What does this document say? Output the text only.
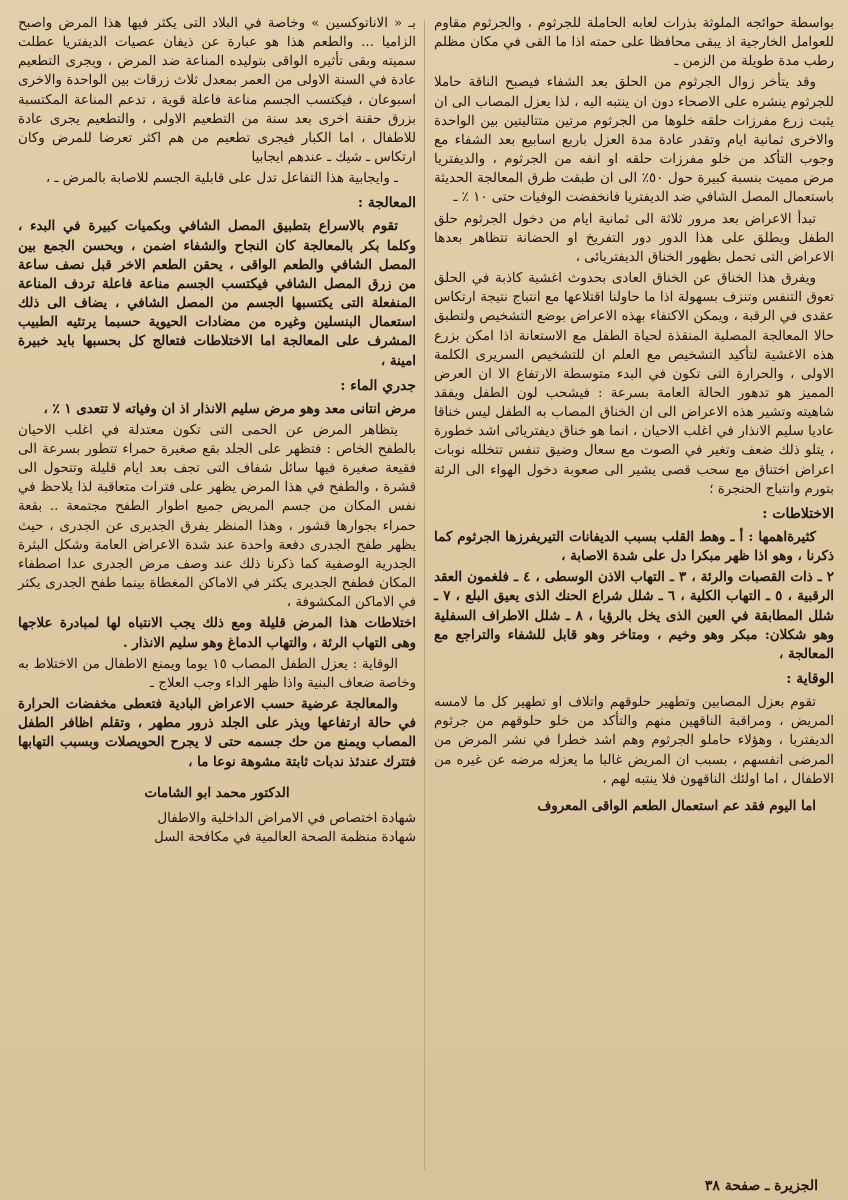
بواسطة حوائجه الملوثة بذرات لعابه الحاملة للجرثوم ، والجرثوم مقاوم للعوامل الخارجية اذ يبقى محافظا على حمته اذا ما القى في مكان مظلم رطب مدة طويلة من الزمن ـ

وقد يتأخر زوال الجرثوم من الحلق بعد الشفاء فيصبح الناقة حاملا للجرثوم ينشره على الاصحاء دون ان ينتبه اليه ، لذا يعزل المصاب الى ان يثبت زرع مفرزات حلقه خلوها من الجرثوم مرتين متتاليتين بين الواحدة والاخرى ثمانية ايام وتقدر عادة مدة العزل باربع اسابيع بعد الشفاء مع وجوب التأكد من خلو مفرزات حلقه او انفه من الجرثوم ، والديفتريا مرض مميت بنسبة كبيرة حول ٥٠٪ الى ان طبقت طرق المعالجة الحديثة باستعمال المصل الشافي ضد الديفتريا فانخفضت الوفيات حتى ١٠ ٪ ـ

تبدأ الاعراض بعد مرور ثلاثة الى ثمانية ايام من دخول الجرثوم حلق الطفل ويطلق على هذا الدور دور التفريخ او الحضانة تتظاهر بعدها الاعراض التى تحمل بظهور الخناق الديفتريائى ،

ويفرق هذا الخناق عن الخناق العادى بحدوث اغشية كاذبة في الحلق تعوق التنفس وتنزف بسهولة اذا ما حاولنا اقتلاعها مع انتباج نتيجة ارتكاس عقدى في الرقبة ، ويمكن الاكتفاء بهذه الاعراض بوضع التشخيص ولتطبق حالا المعالجة المصلية المنقذة لحياة الطفل مع الاستعانة اذا امكن بزرع هذه الاغشية لتأكيد التشخيص مع العلم ان للتشخيص السريرى الكلمة الاولى ، والحرارة التى تكون في البدء متوسطة الارتفاع الا ان العرض المميز هو تدهور الحالة العامة بسرعة : فيشحب لون الطفل ويفقد شاهيته وتشير هذه الاعراض الى ان الخناق المصاب به الطفل ليس خناقا عاديا سليم الانذار في اغلب الاحيان ، انما هو خناق ديفتريائى اشد خطورة ، يتلو ذلك ضعف وتغير في الصوت مع سعال وضيق تنفس تتخلله نوبات اعراض اختناق مع سحب قصى يشير الى صعوبة دخول الهواء الى الرئة بتورم وانتباج الحنجرة ؛

الاختلاطات :

كثيرةاهمها : أ ـ وهط القلب بسبب الديفانات التيريفرزها الجرثوم كما ذكرنا ، وهو اذا ظهر مبكرا دل على شدة الاصابة ،

٢ ـ ذات القصبات والرئة ، ٣ ـ التهاب الاذن الوسطى ، ٤ ـ فلغمون العقد الرقبية ، ٥ ـ التهاب الكلية ، ٦ ـ شلل شراع الحنك الذى يعيق البلع ، ٧ ـ شلل المطابقة في العين الذى يخل بالرؤيا ، ٨ ـ شلل الاطراف السفلية وهو شكلان: مبكر وهو وخيم ، ومتاخر وهو قابل للشفاء والتراجع مع المعالجة ،

الوقاية :

تقوم بعزل المصابين وتطهير حلوقهم واتلاف او تطهير كل ما لامسه المريض ، ومراقبة الناقهين منهم والتأكد من خلو حلوقهم من جرثوم الديفتريا ، وهؤلاء حاملو الجرثوم وهم اشد خطرا في نشر المرض من المرضى انفسهم ، بسبب ان المريض غالبا ما يعزله مرضه عن غيره من الاطفال ، اما اولئك الناقهون فلا ينتبه لهم ،

اما اليوم فقد عم استعمال الطعم الواقى المعروف

بـ « الاناتوكسين » وخاصة في البلاد التى يكثر فيها هذا المرض واصبح الزاميا ... والطعم هذا هو عبارة عن ذيفان عصيات الديفتريا عطلت سميته وبقى تأثيره الواقى بتوليده المناعة ضد المرض ، ويجرى التطعيم عادة في السنة الاولى من العمر بمعدل ثلاث زرقات بين الواحدة والاخرى اسبوعان ، فيكتسب الجسم مناعة فاعلة قوية ، تدعم المناعة المكتسبة بزرق حقنة اخرى بعد سنة من التطعيم الاولى ، والتطعيم يجرى عادة للاطفال ، اما الكبار فيجرى تطعيم من هم اكثر تعرضا للمرض وكان ارتكاس ـ شيك ـ عندهم ايجابيا

ـ وايجابية هذا التفاعل تدل على قابلية الجسم للاصابة بالمرض ـ ،

المعالجة :

تقوم بالاسراع بتطبيق المصل الشافي وبكميات كبيرة في البدء ، وكلما بكر بالمعالجة كان النجاح والشفاء اضمن ، ويحسن الجمع بين المصل الشافي والطعم الواقى ، يحقن الطعم الاخر قبل نصف ساعة من زرق المصل الشافي فيكتسب الجسم مناعة فاعلة تردف المناعة المنفعلة التى يكتسبها الجسم من المصل الشافي ، يضاف الى ذلك استعمال البنسلين وغيره من مضادات الحيوية حسبما يرتئيه الطبيب المشرف على المعالجة اما الاختلاطات فتعالج كل بحسبها بايد خبيرة امينة ،

جدري الماء :

مرض انتانى معد وهو مرض سليم الانذار اذ ان وفياته لا تتعدى ١ ٪ ،

يتظاهر المرض عن الحمى التى تكون معتدلة في اغلب الاحيان بالطفح الخاص : فتظهر على الجلد بقع صغيرة حمراء تتطور بسرعة الى فقيعة صغيرة فيها سائل شفاف التى تجف بعد ايام قليلة وتتحول الى قشرة ، والطفح في هذا المرض يظهر على فترات متعاقبة لذا يلاحظ في نفس المكان من جسم المريض جميع اطوار الطفح مجتمعة .. بقعة حمراء بجوارها قشور ، وهذا المنظر يفرق الجديرى عن الجدرى ، حيث يظهر طفح الجدرى دفعة واحدة عند شدة الاعراض العامة وشكل البثرة الجدرية الوصفية كما ذكرنا ذلك عند وصف مرض الجدرى عدا اصطفاء المكان فطفح الجديرى يكثر في الاماكن المغطاة بينما طفح الجدرى يكثر في الاماكن المكشوفة ،

اختلاطات هذا المرض قليلة ومع ذلك يجب الانتباه لها لمبادرة علاجها وهى التهاب الرئة ، والتهاب الدماغ وهو سليم الانذار .

الوقاية : يعزل الطفل المصاب ١٥ يوما ويمنع الاطفال من الاختلاط به وخاصة ضعاف البنية واذا ظهر الداء وجب العلاج ـ

والمعالجة عرضية حسب الاعراض البادية فتعطى مخفضات الحرارة في حالة ارتفاعها ويذر على الجلد ذرور مطهر ، وتقلم اظافر الطفل المصاب ويمنع من حك جسمه حتى لا يجرح الحويصلات وبسبب التهابها فتترك عندئذ ندبات ثابتة مشوهة نوعا ما ،

الدكتور محمد ابو الشامات
شهادة اختصاص في الامراض الداخلية والاطفال
شهادة منظمة الصحة العالمية في مكافحة السل
الجزيرة ـ صفحة ٣٨
